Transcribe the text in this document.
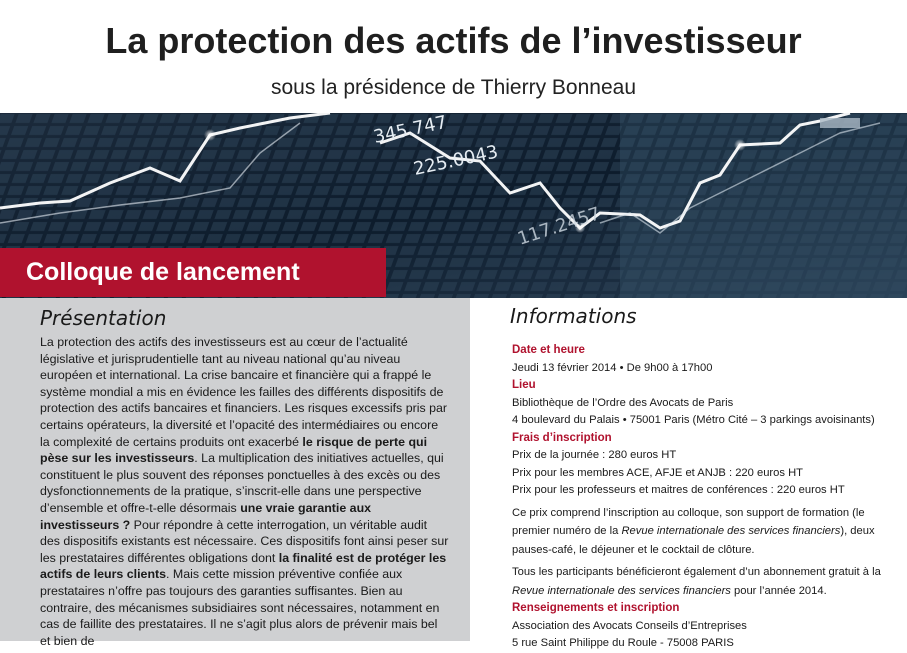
La protection des actifs de l’investisseur
sous la présidence de Thierry Bonneau
345.747
225.0043
117.2457
Colloque de lancement
Présentation
La protection des actifs des investisseurs est au cœur de l’actualité législative et jurisprudentielle tant au niveau national qu’au niveau européen et international. La crise bancaire et financière qui a frappé le système mondial a mis en évidence les failles des différents dispositifs de protection des actifs bancaires et financiers. Les risques excessifs pris par certains opérateurs, la diversité et l’opacité des intermédiaires ou encore la complexité de certains produits ont exacerbé le risque de perte qui pèse sur les investisseurs. La multiplication des initiatives actuelles, qui constituent le plus souvent des réponses ponctuelles à des excès ou des dysfonctionnements de la pratique, s’inscrit-elle dans une perspective d’ensemble et offre-t-elle désormais une vraie garantie aux investisseurs ? Pour répondre à cette interrogation, un véritable audit des dispositifs existants est nécessaire. Ces dispositifs font ainsi peser sur les prestataires différentes obligations dont la finalité est de protéger les actifs de leurs clients. Mais cette mission préventive confiée aux prestataires n’offre pas toujours des garanties suffisantes. Bien au contraire, des mécanismes subsidiaires sont nécessaires, notamment en cas de faillite des prestataires. Il ne s’agit plus alors de prévenir mais bel et bien de
Informations
Date et heure
Jeudi 13 février 2014 • De 9h00 à 17h00
Lieu
Bibliothèque de l’Ordre des Avocats de Paris
4 boulevard du Palais • 75001 Paris (Métro Cité – 3 parkings avoisinants)
Frais d’inscription
Prix de la journée : 280 euros HT
Prix pour les membres ACE, AFJE et ANJB : 220 euros HT
Prix pour les professeurs et maitres de conférences : 220 euros HT
Ce prix comprend l’inscription au colloque, son support de formation (le premier numéro de la Revue internationale des services financiers), deux pauses-café, le déjeuner et le cocktail de clôture.
Tous les participants bénéficieront également d’un abonnement gratuit à la Revue internationale des services financiers pour l’année 2014.
Renseignements et inscription
Association des Avocats Conseils d’Entreprises
5 rue Saint Philippe du Roule - 75008 PARIS
